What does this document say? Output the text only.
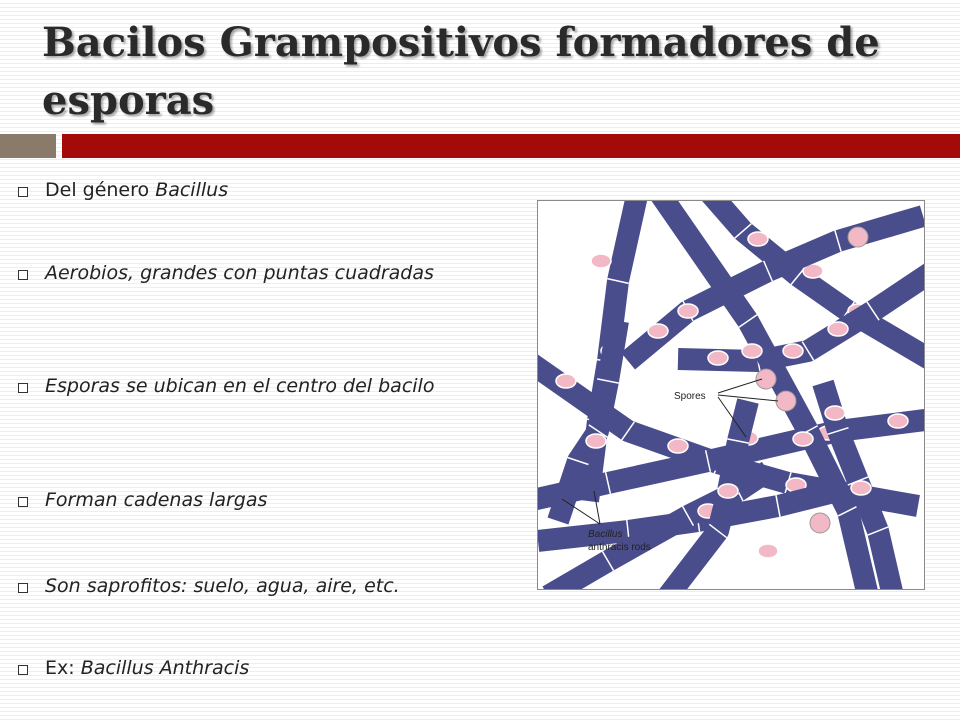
Bacilos Grampositivos formadores de esporas
Del género Bacillus
Aerobios, grandes con puntas cuadradas
Esporas se ubican en el centro del bacilo
Forman cadenas largas
Son saprofitos: suelo, agua, aire, etc.
Ex: Bacillus Anthracis
Spores
Bacillus
anthracis rods
